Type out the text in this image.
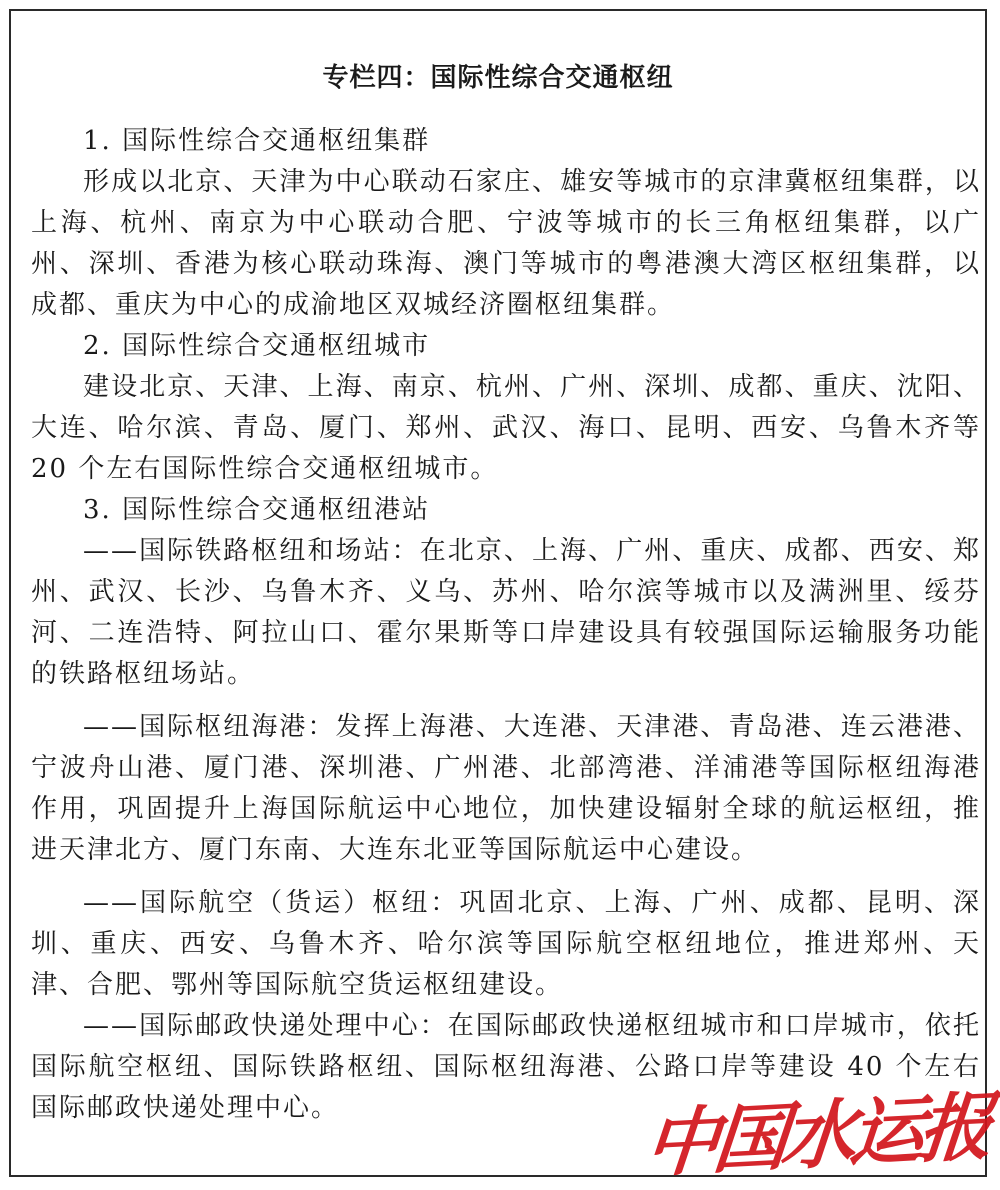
专栏四：国际性综合交通枢纽

1. 国际性综合交通枢纽集群

形成以北京、天津为中心联动石家庄、雄安等城市的京津冀枢纽集群，以上海、杭州、南京为中心联动合肥、宁波等城市的长三角枢纽集群，以广州、深圳、香港为核心联动珠海、澳门等城市的粤港澳大湾区枢纽集群，以成都、重庆为中心的成渝地区双城经济圈枢纽集群。

2. 国际性综合交通枢纽城市

建设北京、天津、上海、南京、杭州、广州、深圳、成都、重庆、沈阳、大连、哈尔滨、青岛、厦门、郑州、武汉、海口、昆明、西安、乌鲁木齐等 20 个左右国际性综合交通枢纽城市。

3. 国际性综合交通枢纽港站

——国际铁路枢纽和场站：在北京、上海、广州、重庆、成都、西安、郑州、武汉、长沙、乌鲁木齐、义乌、苏州、哈尔滨等城市以及满洲里、绥芬河、二连浩特、阿拉山口、霍尔果斯等口岸建设具有较强国际运输服务功能的铁路枢纽场站。

——国际枢纽海港：发挥上海港、大连港、天津港、青岛港、连云港港、宁波舟山港、厦门港、深圳港、广州港、北部湾港、洋浦港等国际枢纽海港作用，巩固提升上海国际航运中心地位，加快建设辐射全球的航运枢纽，推进天津北方、厦门东南、大连东北亚等国际航运中心建设。

——国际航空（货运）枢纽：巩固北京、上海、广州、成都、昆明、深圳、重庆、西安、乌鲁木齐、哈尔滨等国际航空枢纽地位，推进郑州、天津、合肥、鄂州等国际航空货运枢纽建设。

——国际邮政快递处理中心：在国际邮政快递枢纽城市和口岸城市，依托国际航空枢纽、国际铁路枢纽、国际枢纽海港、公路口岸等建设 40 个左右国际邮政快递处理中心。	中国水运报
